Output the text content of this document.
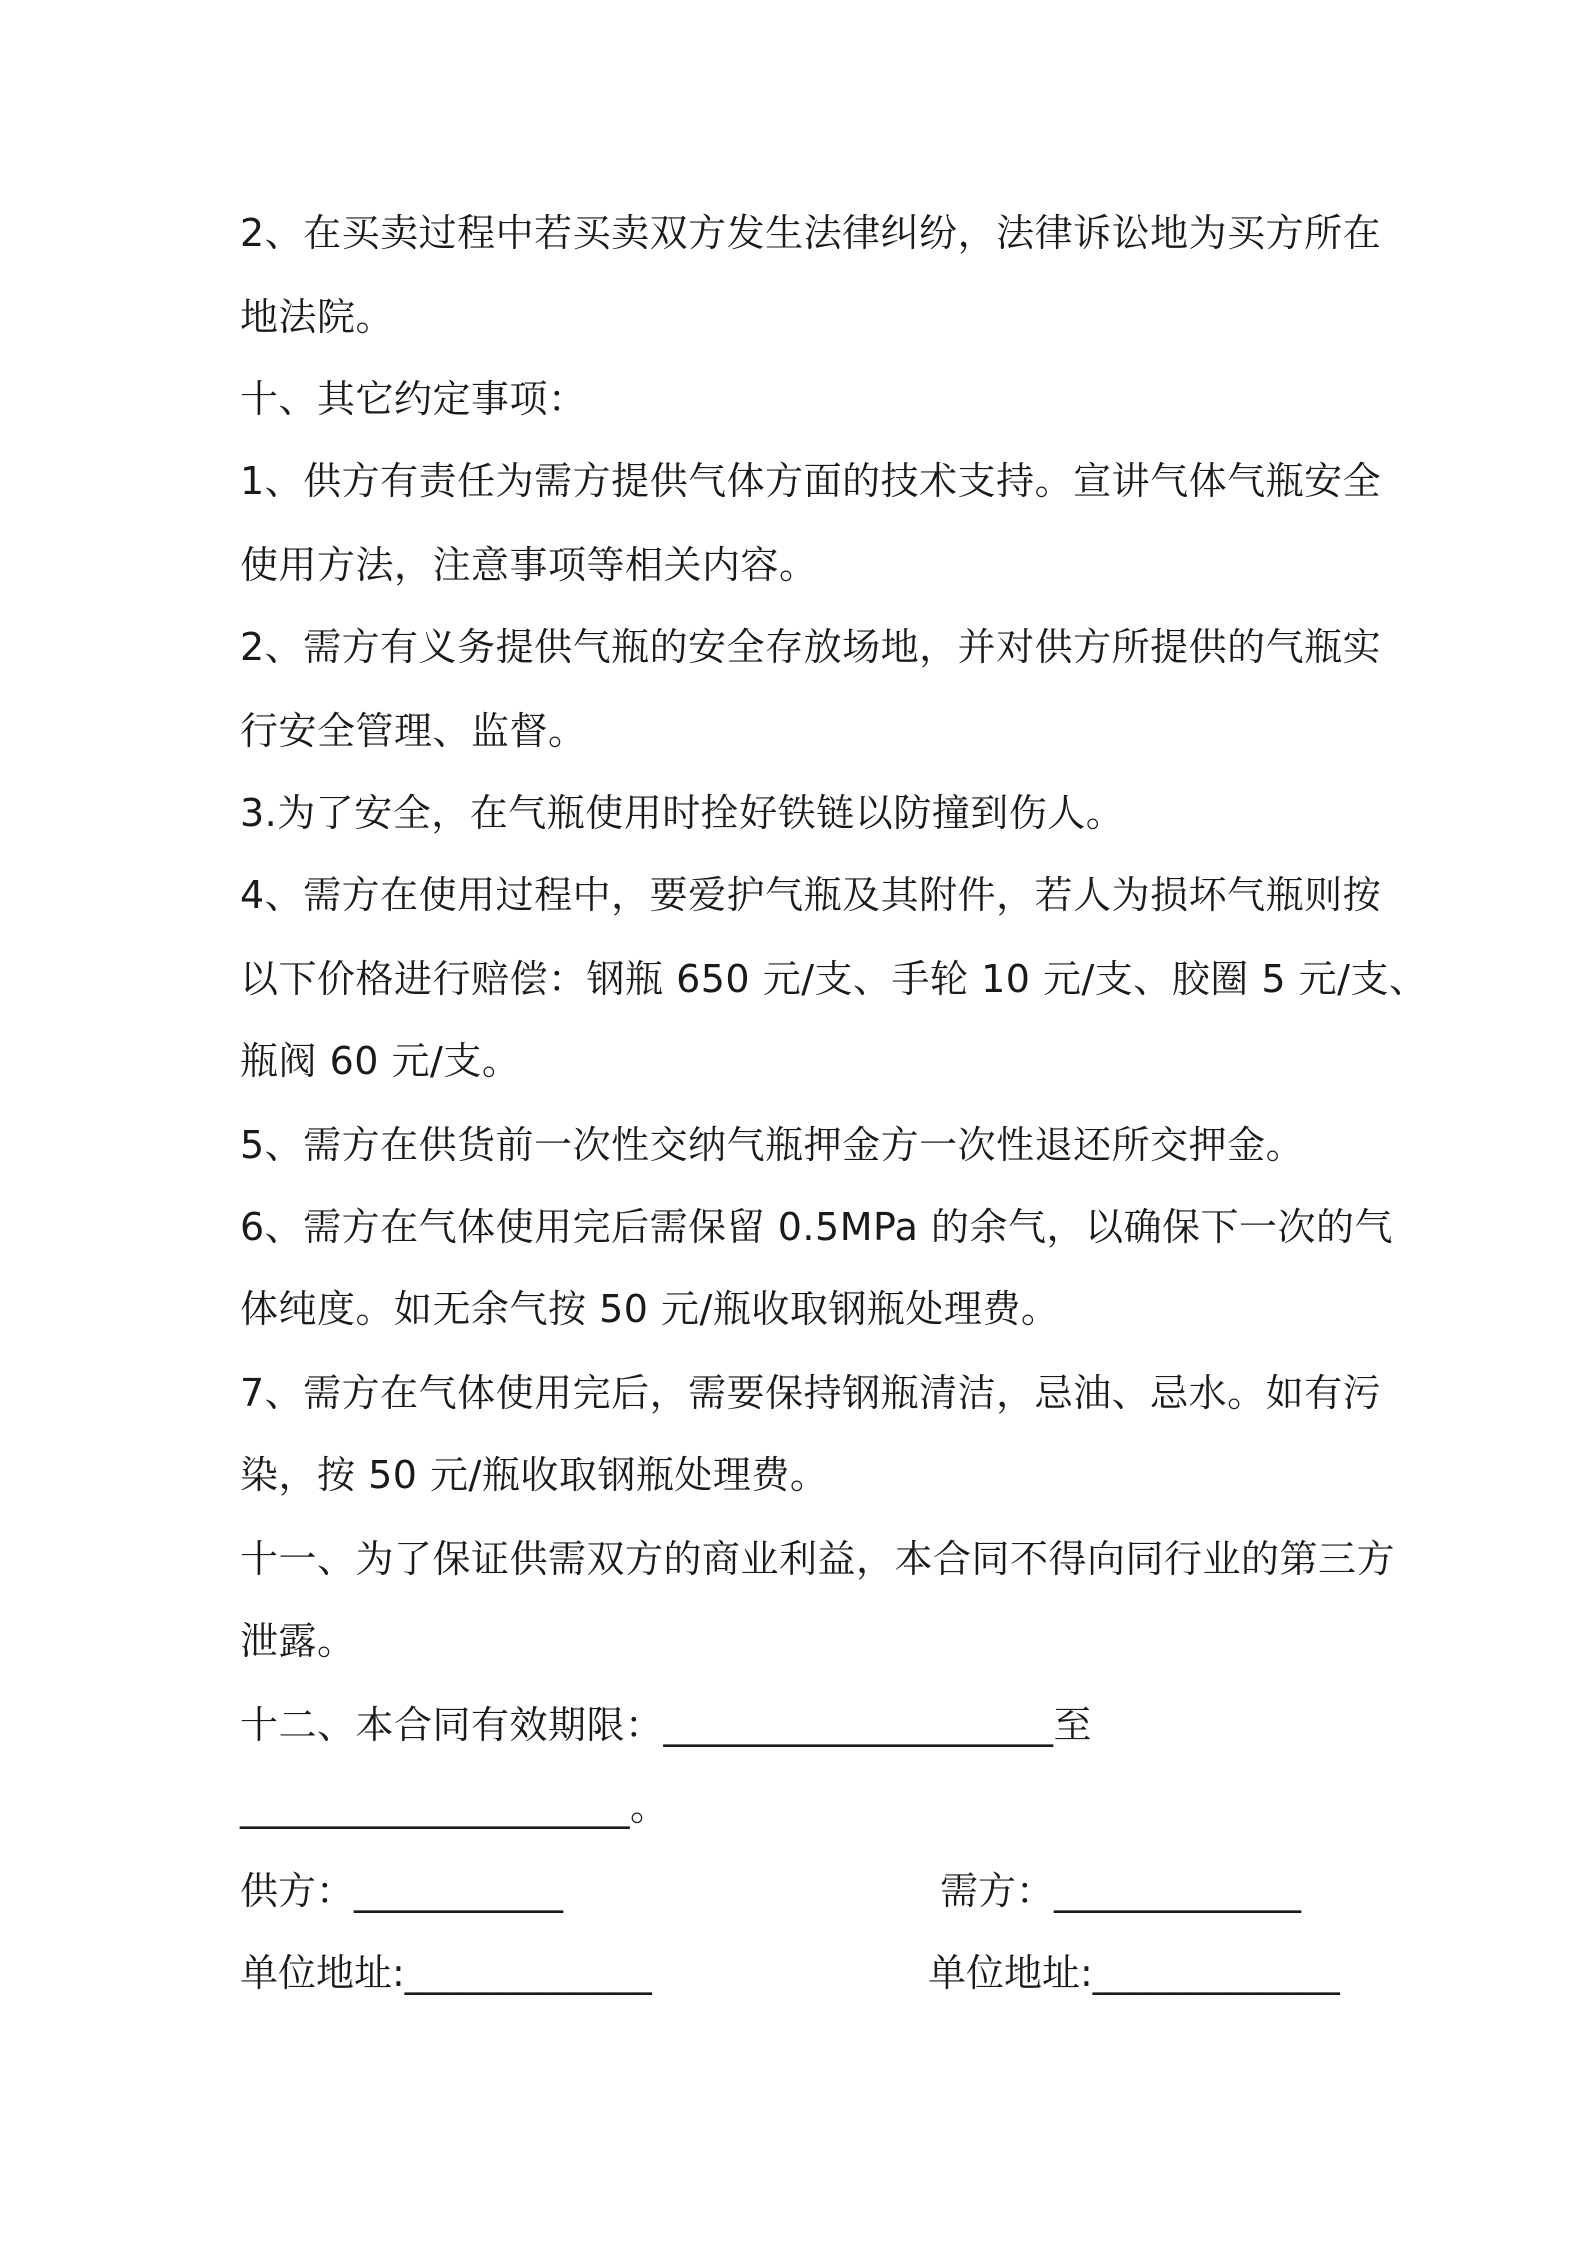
2、在买卖过程中若买卖双方发生法律纠纷，法律诉讼地为买方所在
地法院。
十、其它约定事项：
1、供方有责任为需方提供气体方面的技术支持。宣讲气体气瓶安全
使用方法，注意事项等相关内容。
2、需方有义务提供气瓶的安全存放场地，并对供方所提供的气瓶实
行安全管理、监督。
3.为了安全，在气瓶使用时拴好铁链以防撞到伤人。
4、需方在使用过程中，要爱护气瓶及其附件，若人为损坏气瓶则按
以下价格进行赔偿：钢瓶 650 元/支、手轮 10 元/支、胶圈 5 元/支、
瓶阀 60 元/支。
5、需方在供货前一次性交纳气瓶押金方一次性退还所交押金。
6、需方在气体使用完后需保留 0.5MPa 的余气，以确保下一次的气
体纯度。如无余气按 50 元/瓶收取钢瓶处理费。
7、需方在气体使用完后，需要保持钢瓶清洁，忌油、忌水。如有污
染，按 50 元/瓶收取钢瓶处理费。
十一、为了保证供需双方的商业利益，本合同不得向同行业的第三方
泄露。
十二、本合同有效期限：____________________至
____________________。
供方：___________	需方：_____________
单位地址:_____________	单位地址:_____________
